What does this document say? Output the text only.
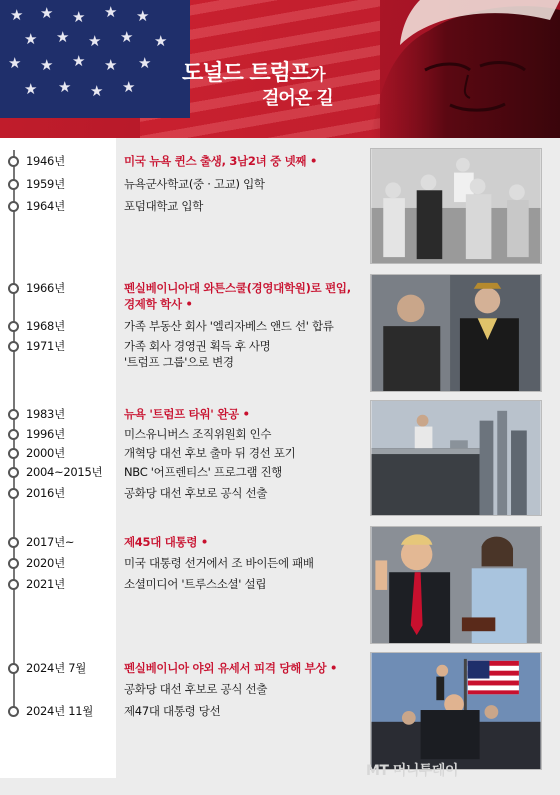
★ ★ ★ ★ ★
★ ★ ★ ★ ★
★ ★ ★ ★ ★
★ ★ ★ ★
도널드 트럼프가
걸어온 길
1946년	미국 뉴욕 퀸스 출생, 3남2녀 중 넷째 •
1959년	뉴욕군사학교(중 · 고교) 입학
1964년	포덤대학교 입학
1966년	펜실베이니아대 와튼스쿨(경영대학원)로 편입,
경제학 학사 •
1968년	가족 부동산 회사 '엘리자베스 앤드 선' 합류
1971년	가족 회사 경영권 획득 후 사명
'트럼프 그룹'으로 변경
1983년	뉴욕 '트럼프 타워' 완공 •
1996년	미스유니버스 조직위원회 인수
2000년	개혁당 대선 후보 출마 뒤 경선 포기
2004~2015년 NBC '어프렌티스' 프로그램 진행
2016년	공화당 대선 후보로 공식 선출
2017년~	제45대 대통령 •
2020년	미국 대통령 선거에서 조 바이든에 패배
2021년	소셜미디어 '트루스소셜' 설립
2024년 7월	펜실베이니아 야외 유세서 피격 당해 부상 •
공화당 대선 후보로 공식 선출
2024년 11월	제47대 대통령 당선
MT 머니투데이
